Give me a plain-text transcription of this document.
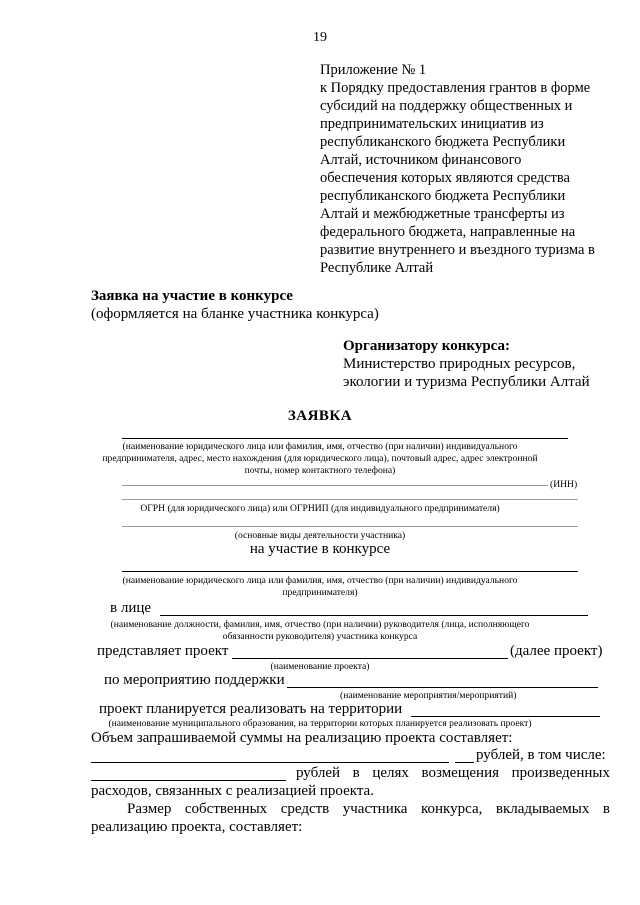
19
Приложение № 1
к Порядку предоставления грантов в форме
субсидий на поддержку общественных и
предпринимательских инициатив из
республиканского бюджета Республики
Алтай, источником финансового
обеспечения которых являются средства
республиканского бюджета Республики
Алтай и межбюджетные трансферты из
федерального бюджета, направленные на
развитие внутреннего и въездного туризма в
Республике Алтай
Заявка на участие в конкурсе
(оформляется на бланке участника конкурса)
Организатору конкурса:
Министерство природных ресурсов,
экологии и туризма Республики Алтай
ЗАЯВКА
(наименование юридического лица или фамилия, имя, отчество (при наличии) индивидуального
предпринимателя, адрес, место нахождения (для юридического лица), почтовый адрес, адрес электронной
почты, номер контактного телефона)
(ИНН)
ОГРН (для юридического лица) или ОГРНИП (для индивидуального предпринимателя)
(основные виды деятельности участника)
на участие в конкурсе
(наименование юридического лица или фамилия, имя, отчество (при наличии) индивидуального
предпринимателя)
в лице
(наименование должности, фамилия, имя, отчество (при наличии) руководителя (лица, исполняющего
обязанности руководителя) участника конкурса
представляет проект	(далее проект)
(наименование проекта)
по мероприятию поддержки
(наименование мероприятия/мероприятий)
проект планируется реализовать на территории
(наименование муниципального образования, на территории которых планируется реализовать проект)
Объем запрашиваемой суммы на реализацию проекта составляет:
рублей, в том числе:
рублей в целях возмещения произведенных
расходов, связанных с реализацией проекта.
Размер собственных средств участника конкурса, вкладываемых в
реализацию проекта, составляет:
